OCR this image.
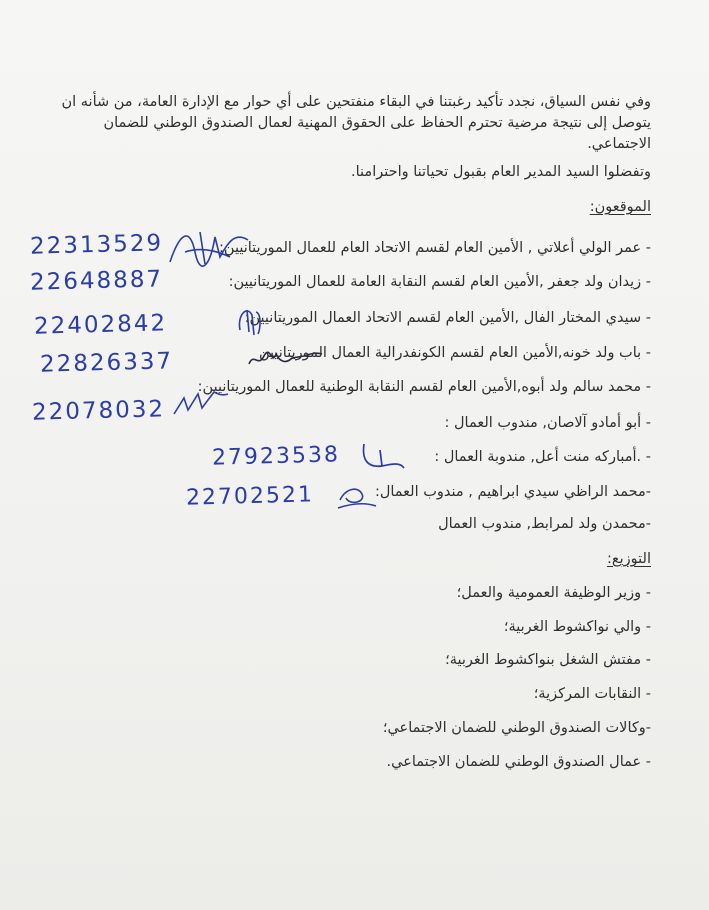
وفي نفس السياق، نجدد تأكيد رغبتنا في البقاء منفتحين على أي حوار مع الإدارة العامة، من شأنه ان
يتوصل إلى نتيجة مرضية تحترم الحفاظ على الحقوق المهنية لعمال الصندوق الوطني للضمان
الاجتماعي.
وتفضلوا السيد المدير العام بقبول تحياتنا واحترامنا.
الموقعون:
- عمر الولي أعلاتي , الأمين العام لقسم الاتحاد العام للعمال الموريتانيين:
- زيدان ولد جعفر ,الأمين العام لقسم النقابة العامة للعمال الموريتانيين:
- سيدي المختار الفال ,الأمين العام لقسم الاتحاد العمال الموريتانيين:
- باب ولد خونه,الأمين العام لقسم الكونفدرالية العمال الموريتانيين
- محمد سالم ولد أبوه,الأمين العام لقسم النقابة الوطنية للعمال الموريتانيين:
- أبو أمادو آلاصان, مندوب العمال :
- .أمباركه منت أعل, مندوبة العمال :
-محمد الراظي سيدي ابراهيم , مندوب العمال:
-محمدن ولد لمرابط, مندوب العمال
22313529
22648887
22402842
22826337
22078032
27923538
22702521
التوزيع:
- وزير الوظيفة العمومية والعمل؛
- والي نواكشوط الغربية؛
- مفتش الشغل بنواكشوط الغربية؛
- النقابات المركزية؛
-وكالات الصندوق الوطني للضمان الاجتماعي؛
- عمال الصندوق الوطني للضمان الاجتماعي.
